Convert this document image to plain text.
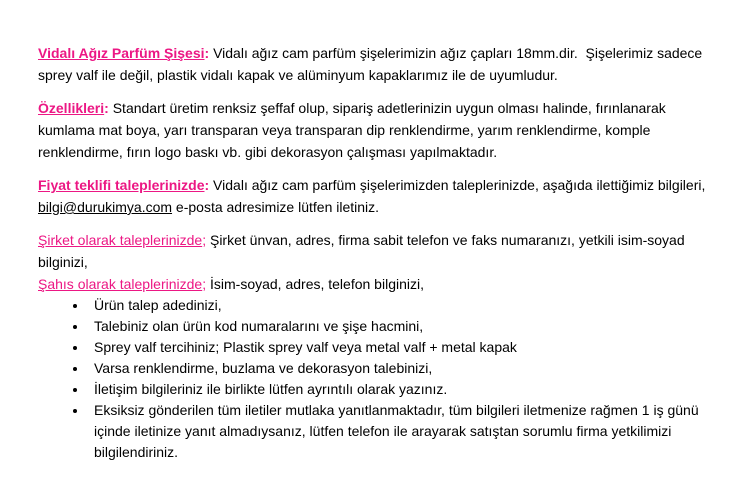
Vidalı Ağız Parfüm Şişesi: Vidalı ağız cam parfüm şişelerimizin ağız çapları 18mm.dir.  Şişelerimiz sadece sprey valf ile değil, plastik vidalı kapak ve alüminyum kapaklarımız ile de uyumludur.

Özellikleri: Standart üretim renksiz şeffaf olup, sipariş adetlerinizin uygun olması halinde, fırınlanarak kumlama mat boya, yarı transparan veya transparan dip renklendirme, yarım renklendirme, komple renklendirme, fırın logo baskı vb. gibi dekorasyon çalışması yapılmaktadır.

Fiyat teklifi taleplerinizde: Vidalı ağız cam parfüm şişelerimizden taleplerinizde, aşağıda ilettiğimiz bilgileri,  bilgi@durukimya.com e-posta adresimize lütfen iletiniz.

Şirket olarak taleplerinizde; Şirket ünvan, adres, firma sabit telefon ve faks numaranızı, yetkili isim-soyad bilginizi,
Şahıs olarak taleplerinizde; İsim-soyad, adres, telefon bilginizi,

• Ürün talep adedinizi,
• Talebiniz olan ürün kod numaralarını ve şişe hacmini,
• Sprey valf tercihiniz; Plastik sprey valf veya metal valf + metal kapak
• Varsa renklendirme, buzlama ve dekorasyon talebinizi,
• İletişim bilgileriniz ile birlikte lütfen ayrıntılı olarak yazınız.
• Eksiksiz gönderilen tüm iletiler mutlaka yanıtlanmaktadır, tüm bilgileri iletmenize rağmen 1 iş günü içinde iletinize yanıt almadıysanız, lütfen telefon ile arayarak satıştan sorumlu firma yetkilimizi bilgilendiriniz.
